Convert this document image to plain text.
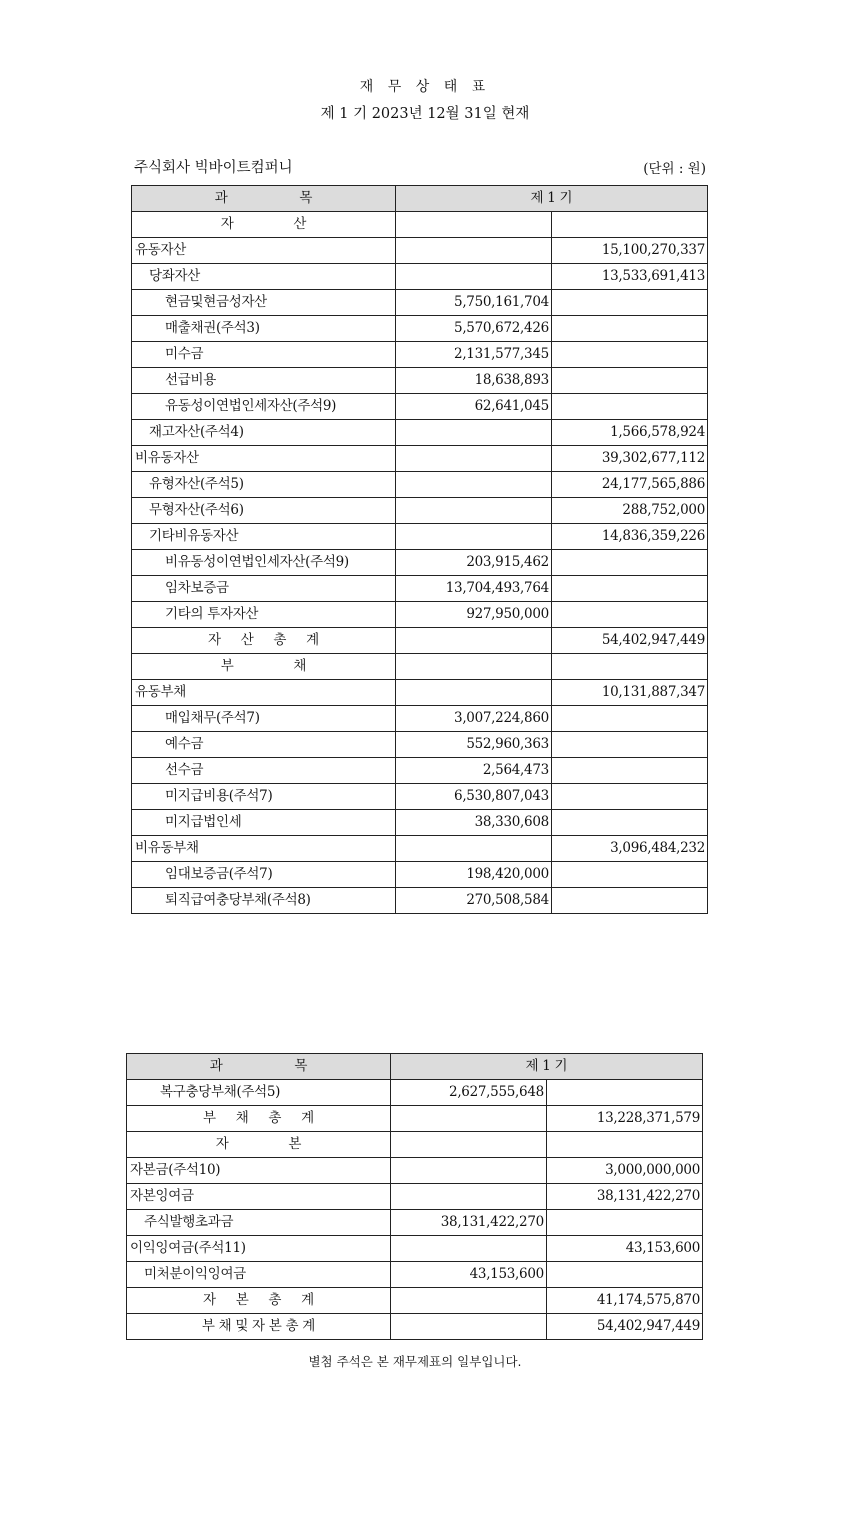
재 무 상 태 표
제 1 기 2023년 12월 31일 현재
주식회사 빅바이트컴퍼니	(단위 : 원)
과                  목	제 1 기	
자               산		
유동자산		15,100,270,337
당좌자산		13,533,691,413
현금및현금성자산	5,750,161,704	
매출채권(주석3)	5,570,672,426	
미수금	2,131,577,345	
선급비용	18,638,893	
유동성이연법인세자산(주석9)	62,641,045	
재고자산(주석4)		1,566,578,924
비유동자산		39,302,677,112
유형자산(주석5)		24,177,565,886
무형자산(주석6)		288,752,000
기타비유동자산		14,836,359,226
비유동성이연법인세자산(주석9)	203,915,462	
임차보증금	13,704,493,764	
기타의 투자자산	927,950,000	
자     산     총     계		54,402,947,449
부               채		
유동부채		10,131,887,347
매입채무(주석7)	3,007,224,860	
예수금	552,960,363	
선수금	2,564,473	
미지급비용(주석7)	6,530,807,043	
미지급법인세	38,330,608	
비유동부채		3,096,484,232
임대보증금(주석7)	198,420,000	
퇴직급여충당부채(주석8)	270,508,584	
과                  목	제 1 기	
복구충당부채(주석5)	2,627,555,648	
부     채     총     계		13,228,371,579
자               본		
자본금(주석10)		3,000,000,000
자본잉여금		38,131,422,270
주식발행초과금	38,131,422,270	
이익잉여금(주석11)		43,153,600
미처분이익잉여금	43,153,600	
자     본     총     계		41,174,575,870
부 채 및 자 본 총 계		54,402,947,449
별첨 주석은 본 재무제표의 일부입니다.
